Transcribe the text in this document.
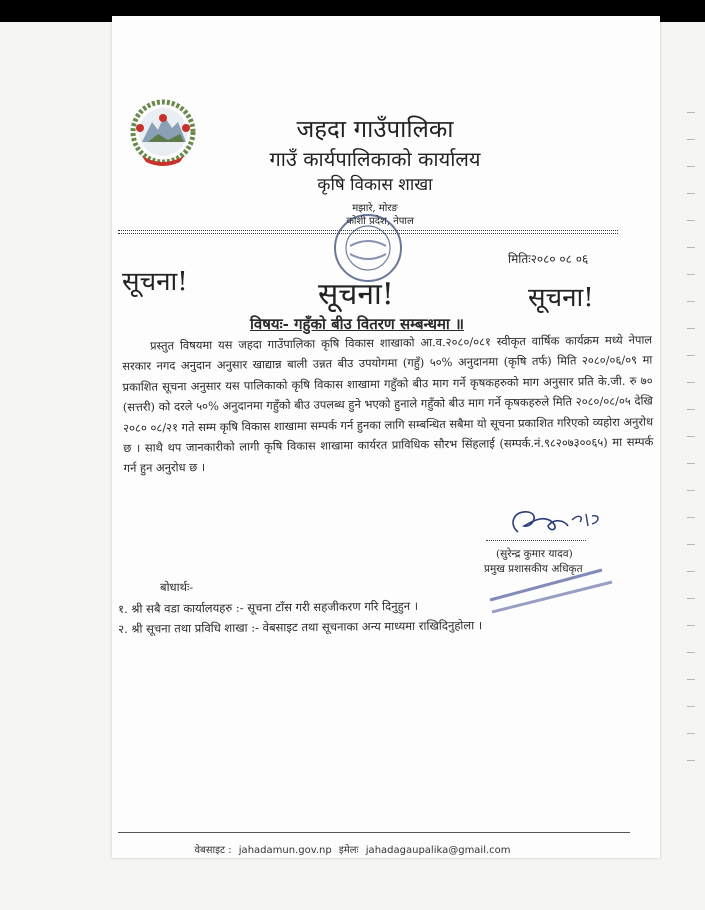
जहदा गाउँपालिका
गाउँ कार्यपालिकाको कार्यालय
कृषि विकास शाखा
मझारे, मोरङ
कोशी प्रदेश, नेपाल
मितिः२०८० ०८ ०६
सूचना!	सूचना!	सूचना!
विषयः- गहुँको बीउ वितरण सम्बन्धमा ॥

प्रस्तुत विषयमा यस जहदा गाउँपालिका कृषि विकास शाखाको आ.व.२०८०/०८१ स्वीकृत वार्षिक कार्यक्रम मध्ये नेपाल सरकार नगद अनुदान अनुसार खाद्यान्न बाली उन्नत बीउ उपयोगमा (गहुँ) ५०% अनुदानमा (कृषि तर्फ) मिति २०८०/०६/०९ मा प्रकाशित सूचना अनुसार यस पालिकाको कृषि विकास शाखामा गहुँको बीउ माग गर्ने कृषकहरुको माग अनुसार प्रति के.जी. रु ७० (सत्तरी) को दरले ५०% अनुदानमा गहुँको बीउ उपलब्ध हुने भएको हुनाले गहुँको बीउ माग गर्ने कृषकहरुले मिति २०८०/०८/०५ देखि २०८० ०८/२१ गते सम्म कृषि विकास शाखामा सम्पर्क गर्न हुनका लागि सम्बन्धित सबैमा यो सूचना प्रकाशित गरिएको व्यहोरा अनुरोध छ । साथै थप जानकारीको लागी कृषि विकास शाखामा कार्यरत प्राविधिक सौरभ सिंहलाई (सम्पर्क.नं.९८२०७३००६५) मा सम्पर्क गर्न हुन अनुरोध छ ।

(सुरेन्द्र कुमार यादव)
प्रमुख प्रशासकीय अधिकृत
बोधार्थः-
१. श्री सबै वडा कार्यालयहरु :- सूचना टाँस गरी सहजीकरण गरि दिनुहुन ।
२. श्री सूचना तथा प्रविधि शाखा :- वेबसाइट तथा सूचनाका अन्य माध्यमा राखिदिनुहोला ।
वेबसाइट : jahadamun.gov.np इमेलः jahadagaupalika@gmail.com
